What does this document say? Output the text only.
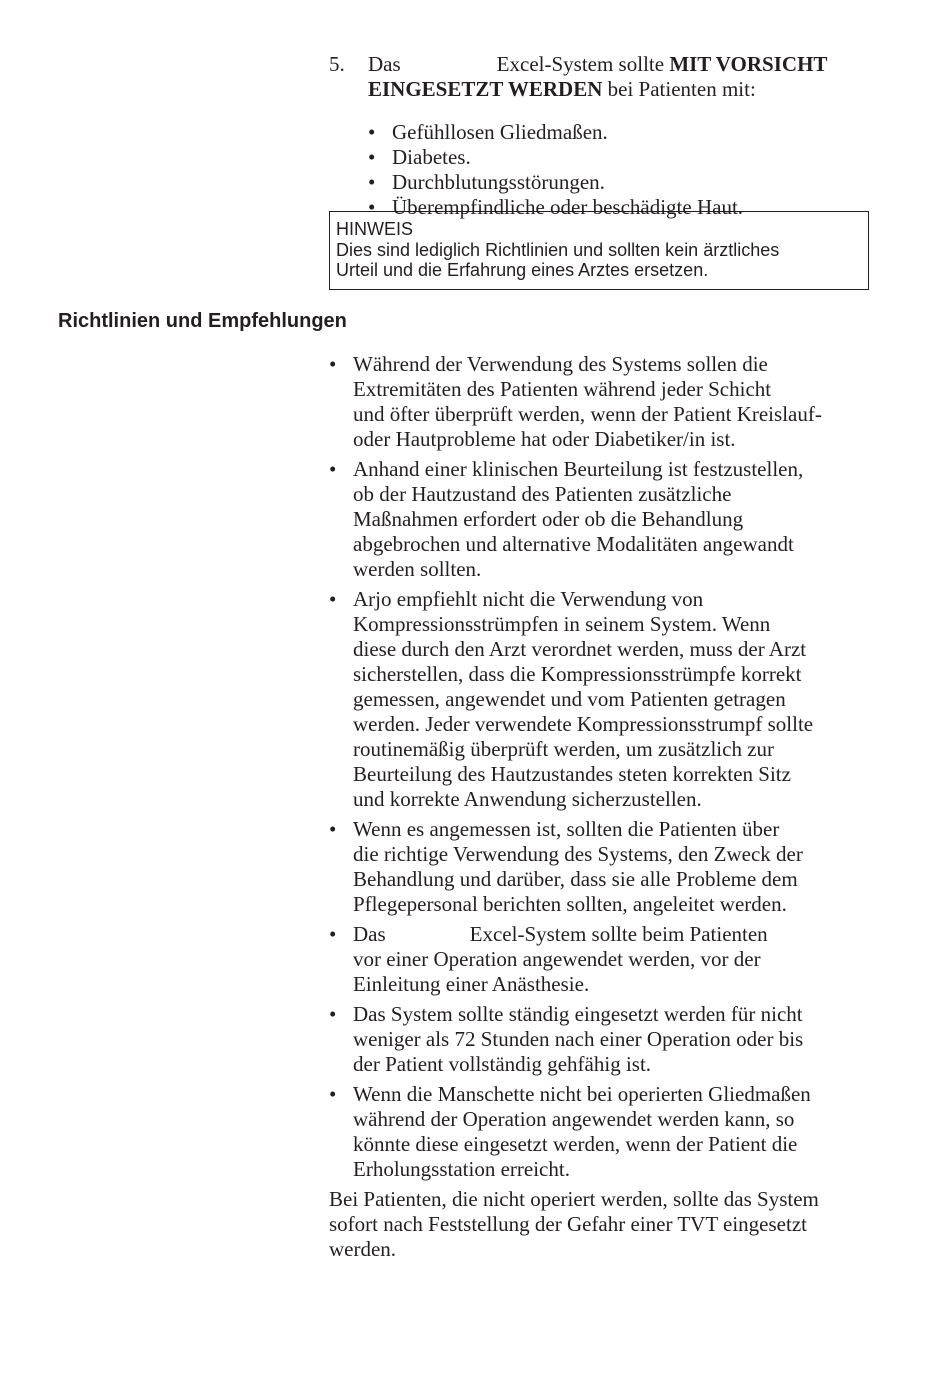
5. Das	Excel-System sollte MIT VORSICHT
EINGESETZT WERDEN bei Patienten mit:
• Gefühllosen Gliedmaßen.
• Diabetes.
• Durchblutungsstörungen.
• Überempfindliche oder beschädigte Haut.
HINWEIS
Dies sind lediglich Richtlinien und sollten kein ärztliches
Urteil und die Erfahrung eines Arztes ersetzen.
Richtlinien und Empfehlungen
• Während der Verwendung des Systems sollen die
Extremitäten des Patienten während jeder Schicht
und öfter überprüft werden, wenn der Patient Kreislauf-
oder Hautprobleme hat oder Diabetiker/in ist.
• Anhand einer klinischen Beurteilung ist festzustellen,
ob der Hautzustand des Patienten zusätzliche
Maßnahmen erfordert oder ob die Behandlung
abgebrochen und alternative Modalitäten angewandt
werden sollten.
• Arjo empfiehlt nicht die Verwendung von
Kompressionsstrümpfen in seinem System. Wenn
diese durch den Arzt verordnet werden, muss der Arzt
sicherstellen, dass die Kompressionsstrümpfe korrekt
gemessen, angewendet und vom Patienten getragen
werden. Jeder verwendete Kompressionsstrumpf sollte
routinemäßig überprüft werden, um zusätzlich zur
Beurteilung des Hautzustandes steten korrekten Sitz
und korrekte Anwendung sicherzustellen.
• Wenn es angemessen ist, sollten die Patienten über
die richtige Verwendung des Systems, den Zweck der
Behandlung und darüber, dass sie alle Probleme dem
Pflegepersonal berichten sollten, angeleitet werden.
• Das                Excel-System sollte beim Patienten
vor einer Operation angewendet werden, vor der
Einleitung einer Anästhesie.
• Das System sollte ständig eingesetzt werden für nicht
weniger als 72 Stunden nach einer Operation oder bis
der Patient vollständig gehfähig ist.
• Wenn die Manschette nicht bei operierten Gliedmaßen
während der Operation angewendet werden kann, so
könnte diese eingesetzt werden, wenn der Patient die
Erholungsstation erreicht.
Bei Patienten, die nicht operiert werden, sollte das System
sofort nach Feststellung der Gefahr einer TVT eingesetzt
werden.
